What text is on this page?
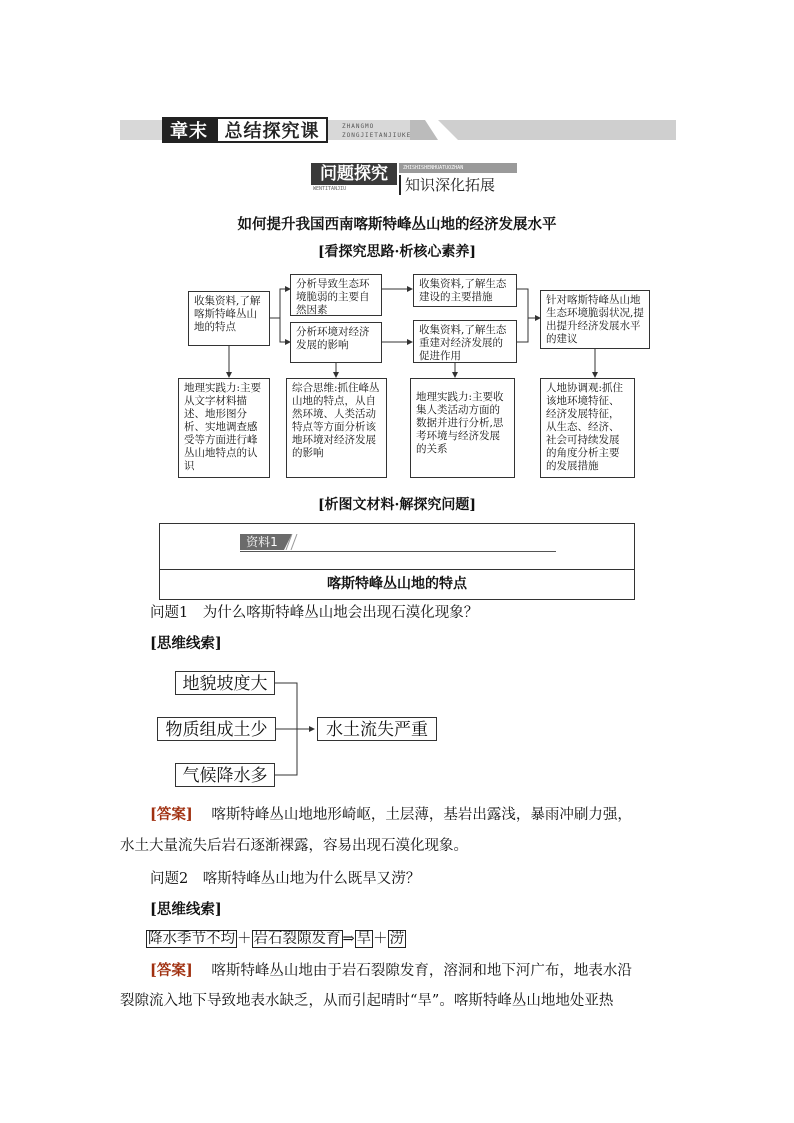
章末 总结探究课	ZHANGMO
ZONGJIETANJIUKE
问题探究	ZHISHISHENHUATUOZHAN
WENTITANJIU	知识深化拓展
如何提升我国西南喀斯特峰丛山地的经济发展水平
[看探究思路·析核心素养]
收集资料,了解喀斯特峰丛山地的特点
分析导致生态环境脆弱的主要自然因素
分析环境对经济发展的影响
收集资料,了解生态建设的主要措施
收集资料,了解生态重建对经济发展的促进作用
针对喀斯特峰丛山地生态环境脆弱状况,提出提升经济发展水平的建议
地理实践力:主要从文字材料描述、地形图分析、实地调查感受等方面进行峰丛山地特点的认识
综合思维:抓住峰丛山地的特点，从自然环境、人类活动特点等方面分析该地环境对经济发展的影响
地理实践力:主要收集人类活动方面的数据并进行分析,思考环境与经济发展的关系
人地协调观:抓住该地环境特征、经济发展特征，从生态、经济、社会可持续发展的角度分析主要的发展措施
[析图文材料·解探究问题]
资料1
喀斯特峰丛山地的特点
问题1　为什么喀斯特峰丛山地会出现石漠化现象？
[思维线索]
地貌坡度大
物质组成土少
气候降水多
水土流失严重
[答案] 喀斯特峰丛山地地形崎岖，土层薄，基岩出露浅，暴雨冲刷力强，
水土大量流失后岩石逐渐裸露，容易出现石漠化现象。
问题2　喀斯特峰丛山地为什么既旱又涝？
[思维线索]
降水季节不均 ＋ 岩石裂隙发育 ⇒ 旱 ＋ 涝
[答案] 喀斯特峰丛山地由于岩石裂隙发育，溶洞和地下河广布，地表水沿
裂隙流入地下导致地表水缺乏，从而引起晴时“旱”。喀斯特峰丛山地地处亚热
